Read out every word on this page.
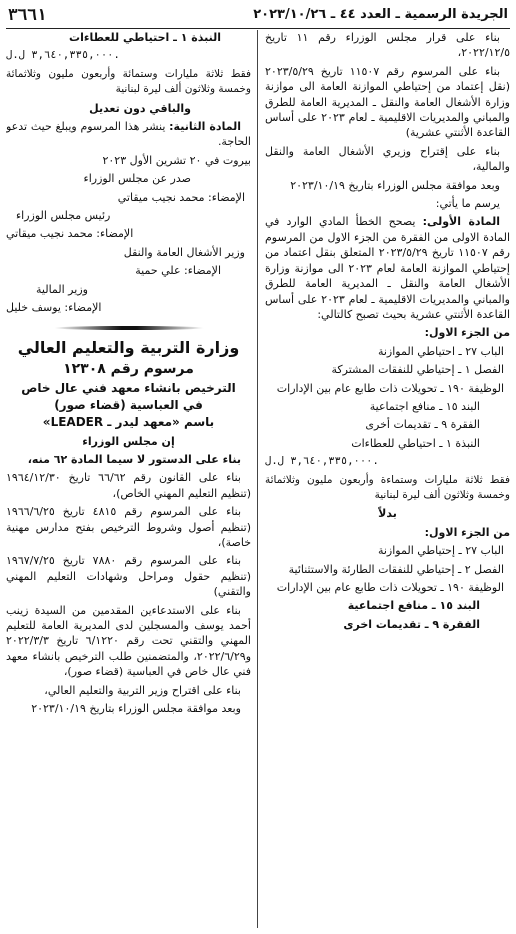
الجريدة الرسمية ـ العدد ٤٤ ـ ٢٠٢٣/١٠/٢٦
٣٦٦١

بناء على قرار مجلس الوزراء رقم ١١ تاريخ ٢٠٢٢/١٢/٥،

بناء على المرسوم رقم ١١٥٠٧ تاريخ ٢٠٢٣/٥/٢٩ (نقل إعتماد من إحتياطي الموازنة العامة الى موازنة وزارة الأشغال العامة والنقل ـ المديرية العامة للطرق والمباني والمديريات الاقليمية ـ لعام ٢٠٢٣ على أساس القاعدة الأثنتي عشرية)

بناء على إقتراح وزيري الأشغال العامة والنقل والمالية،

وبعد موافقة مجلس الوزراء بتاريخ ٢٠٢٣/١٠/١٩

يرسم ما يأتي:

المادة الأولى: يصحح الخطأ المادي الوارد في المادة الاولى من الفقرة من الجزء الاول من المرسوم رقم ١١٥٠٧ تاريخ ٢٠٢٣/٥/٢٩ المتعلق بنقل اعتماد من إحتياطي الموازنة العامة لعام ٢٠٢٣ الى موازنة وزارة الأشغال العامة والنقل ـ المديرية العامة للطرق والمباني والمديريات الاقليمية ـ لعام ٢٠٢٣ على أساس القاعدة الأثنتي عشرية بحيث تصبح كالتالي:

من الجزء الاول:

الباب ٢٧ ـ احتياطي الموازنة

الفصل ١ ـ إحتياطي للنفقات المشتركة

الوظيفة ١٩٠ ـ تحويلات ذات طابع عام بين الإدارات

البند ١٥ ـ منافع اجتماعية

الفقرة ٩ ـ تقديمات أخرى

النبذة ١ ـ احتياطي للعطاءات

٣,٦٤٠,٣٣٥,٠٠٠ ل.ل.

فقط ثلاثة مليارات وستماءة وأربعون مليون وثلاثمائة وخمسة وثلاثون ألف ليرة لبنانية

بدلاً

من الجزء الاول:

الباب ٢٧ ـ إحتياطي الموازنة

الفصل ٢ ـ إحتياطي للنفقات الطارئة والاستثنائية

الوظيفة ١٩٠ ـ تحويلات ذات طابع عام بين الإدارات

البند ١٥ ـ منافع اجتماعية

الفقرة ٩ ـ تقديمات اخرى

النبذة ١ ـ احتياطي للعطاءات

٣,٦٤٠,٣٣٥,٠٠٠ ل.ل.

فقط ثلاثة مليارات وستمائة وأربعون مليون وثلاثمائة وخمسة وثلاثون ألف ليرة لبنانية

والباقي دون تعديل

المادة الثانية: ينشر هذا المرسوم ويبلغ حيث تدعو الحاجة.

بيروت في ٢٠ تشرين الأول ٢٠٢٣

صدر عن مجلس الوزراء

الإمضاء: محمد نجيب ميقاتي

رئيس مجلس الوزراء

الإمضاء: محمد نجيب ميقاتي

وزير الأشغال العامة والنقل

الإمضاء: علي حمية

وزير المالية

الإمضاء: يوسف خليل

وزارة التربية والتعليم العالي
مرسوم رقم ١٢٣٠٨
الترخيص بانشاء معهد فني عال خاص
في العباسية (قضاء صور)
باسم «معهد ليدر ـ LEADER»

إن مجلس الوزراء

بناء على الدستور لا سيما المادة ٦٢ منه،

بناء على القانون رقم ٦٦/٦٢ تاريخ ١٩٦٤/١٢/٣٠ (تنظيم التعليم المهني الخاص)،

بناء على المرسوم رقم ٤٨١٥ تاريخ ١٩٦٦/٦/٢٥ (تنظيم أصول وشروط الترخيص بفتح مدارس مهنية خاصة)،

بناء على المرسوم رقم ٧٨٨٠ تاريخ ١٩٦٧/٧/٢٥ (تنظيم حقول ومراحل وشهادات التعليم المهني والتقني)

بناء على الاستدعاءين المقدمين من السيدة زينب أحمد يوسف والمسجلين لدى المديرية العامة للتعليم المهني والتقني تحت رقم ٦/١٢٢٠ تاريخ ٢٠٢٢/٣/٣ و٢٠٢٢/٦/٢٩، والمتضمنين طلب الترخيص بانشاء معهد فني عال خاص في العباسية (قضاء صور)،

بناء على اقتراح وزير التربية والتعليم العالي،

وبعد موافقة مجلس الوزراء بتاريخ ٢٠٢٣/١٠/١٩
